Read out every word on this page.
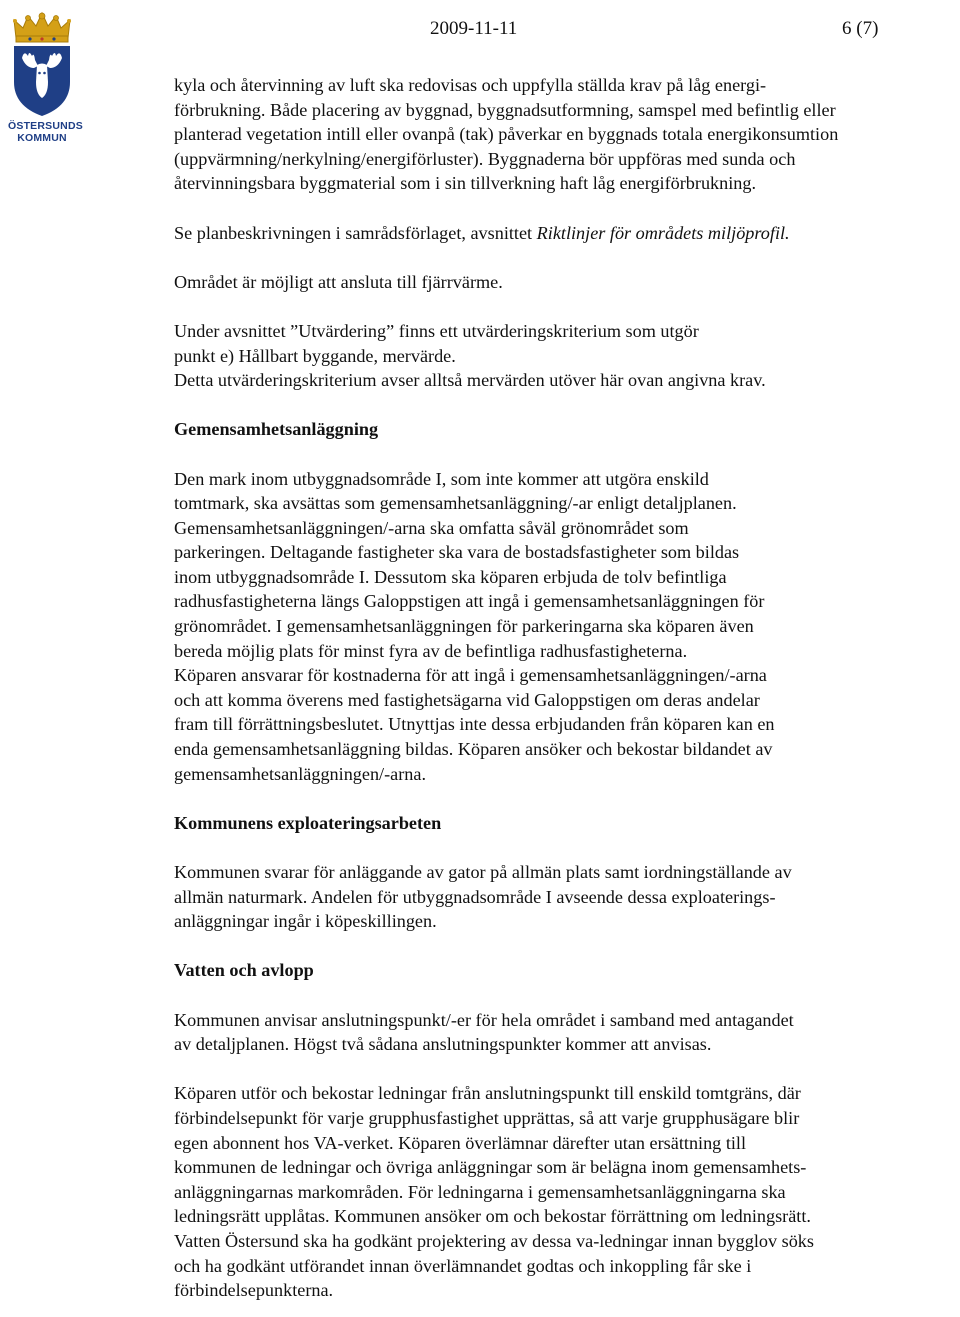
ÖSTERSUNDS
KOMMUN
2009-11-11	6 (7)

kyla och återvinning av luft ska redovisas och uppfylla ställda krav på låg energi-
förbrukning. Både placering av byggnad, byggnadsutformning, samspel med befintlig eller
planterad vegetation intill eller ovanpå (tak) påverkar en byggnads totala energikonsumtion
(uppvärmning/nerkylning/energiförluster). Byggnaderna bör uppföras med sunda och
återvinningsbara byggmaterial som i sin tillverkning haft låg energiförbrukning.

Se planbeskrivningen i samrådsförlaget, avsnittet Riktlinjer för områdets miljöprofil.

Området är möjligt att ansluta till fjärrvärme.

Under avsnittet ”Utvärdering” finns ett utvärderingskriterium som utgör
punkt e) Hållbart byggande, mervärde.
Detta utvärderingskriterium avser alltså mervärden utöver här ovan angivna krav.

Gemensamhetsanläggning

Den mark inom utbyggnadsområde I, som inte kommer att utgöra enskild
tomtmark, ska avsättas som gemensamhetsanläggning/-ar enligt detaljplanen.
Gemensamhetsanläggningen/-arna ska omfatta såväl grönområdet som
parkeringen. Deltagande fastigheter ska vara de bostadsfastigheter som bildas
inom utbyggnadsområde I. Dessutom ska köparen erbjuda de tolv befintliga
radhusfastigheterna längs Galoppstigen att ingå i gemensamhetsanläggningen för
grönområdet. I gemensamhetsanläggningen för parkeringarna ska köparen även
bereda möjlig plats för minst fyra av de befintliga radhusfastigheterna.
Köparen ansvarar för kostnaderna för att ingå i gemensamhetsanläggningen/-arna
och att komma överens med fastighetsägarna vid Galoppstigen om deras andelar
fram till förrättningsbeslutet. Utnyttjas inte dessa erbjudanden från köparen kan en
enda gemensamhetsanläggning bildas. Köparen ansöker och bekostar bildandet av
gemensamhetsanläggningen/-arna.

Kommunens exploateringsarbeten

Kommunen svarar för anläggande av gator på allmän plats samt iordningställande av
allmän naturmark. Andelen för utbyggnadsområde I avseende dessa exploaterings-
anläggningar ingår i köpeskillingen.

Vatten och avlopp

Kommunen anvisar anslutningspunkt/-er för hela området i samband med antagandet
av detaljplanen. Högst två sådana anslutningspunkter kommer att anvisas.

Köparen utför och bekostar ledningar från anslutningspunkt till enskild tomtgräns, där
förbindelsepunkt för varje grupphusfastighet upprättas, så att varje grupphusägare blir
egen abonnent hos VA-verket. Köparen överlämnar därefter utan ersättning till
kommunen de ledningar och övriga anläggningar som är belägna inom gemensamhets-
anläggningarnas markområden. För ledningarna i gemensamhetsanläggningarna ska
ledningsrätt upplåtas. Kommunen ansöker om och bekostar förrättning om ledningsrätt.
Vatten Östersund ska ha godkänt projektering av dessa va-ledningar innan bygglov söks
och ha godkänt utförandet innan överlämnandet godtas och inkoppling får ske i
förbindelsepunkterna.
